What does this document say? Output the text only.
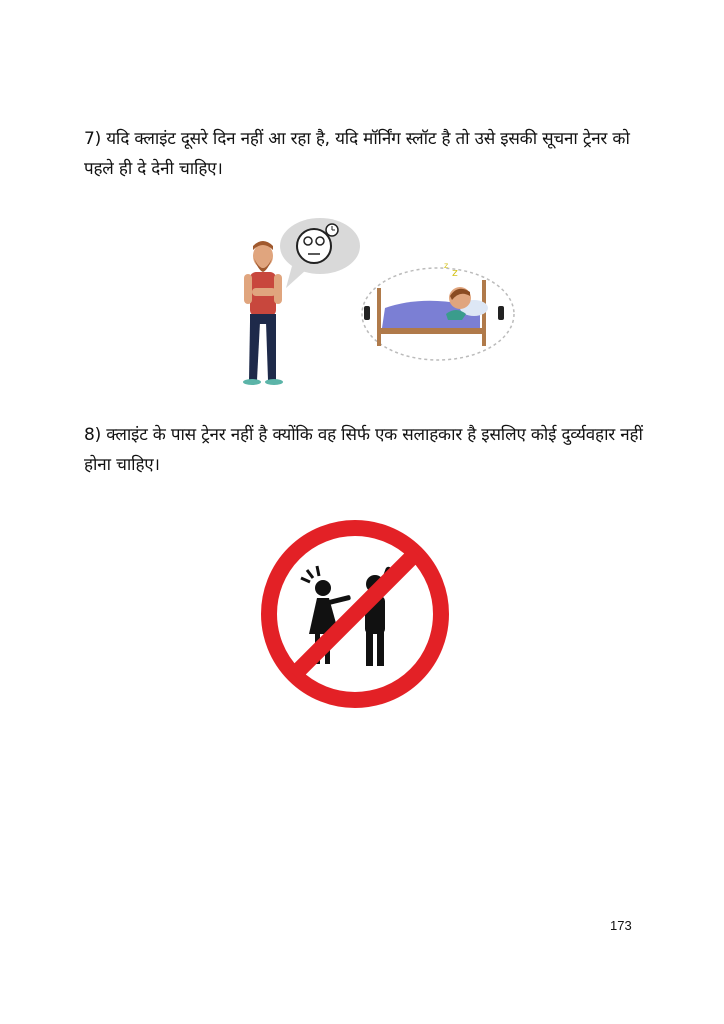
7) यदि क्लाइंट दूसरे दिन नहीं आ रहा है, यदि मॉर्निंग स्लॉट है तो उसे इसकी सूचना ट्रेनर को पहले ही दे देनी चाहिए।
z
z
8) क्लाइंट के पास ट्रेनर नहीं है क्योंकि वह सिर्फ एक सलाहकार है इसलिए कोई दुर्व्यवहार नहीं होना चाहिए।
173
